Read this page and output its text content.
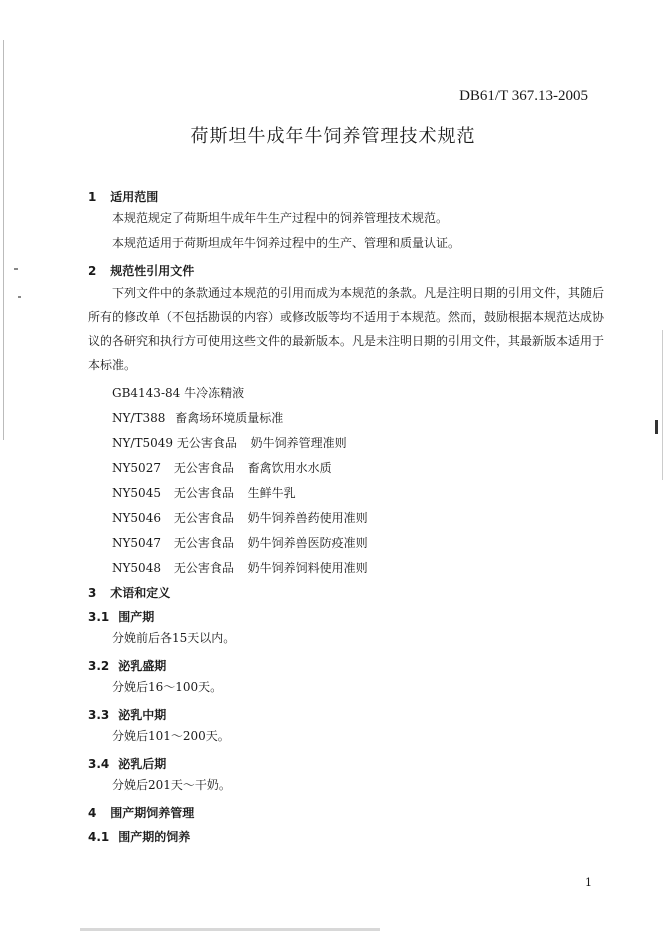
DB61/T 367.13-2005
荷斯坦牛成年牛饲养管理技术规范
1 适用范围
本规范规定了荷斯坦牛成年牛生产过程中的饲养管理技术规范。
本规范适用于荷斯坦成年牛饲养过程中的生产、管理和质量认证。
2 规范性引用文件
下列文件中的条款通过本规范的引用而成为本规范的条款。凡是注明日期的引用文件，其随后
所有的修改单（不包括勘误的内容）或修改版等均不适用于本规范。然而，鼓励根据本规范达成协
议的各研究和执行方可使用这些文件的最新版本。凡是未注明日期的引用文件，其最新版本适用于
本标准。
GB4143-84 牛冷冻精液
NY/T388 畜禽场环境质量标准
NY/T5049 无公害食品 奶牛饲养管理准则
NY5027 无公害食品 畜禽饮用水水质
NY5045 无公害食品 生鲜牛乳
NY5046 无公害食品 奶牛饲养兽药使用准则
NY5047 无公害食品 奶牛饲养兽医防疫准则
NY5048 无公害食品 奶牛饲养饲料使用准则
3 术语和定义
3.1 围产期
分娩前后各15天以内。
3.2 泌乳盛期
分娩后16～100天。
3.3 泌乳中期
分娩后101～200天。
3.4 泌乳后期
分娩后201天～干奶。
4 围产期饲养管理
4.1 围产期的饲养
1
